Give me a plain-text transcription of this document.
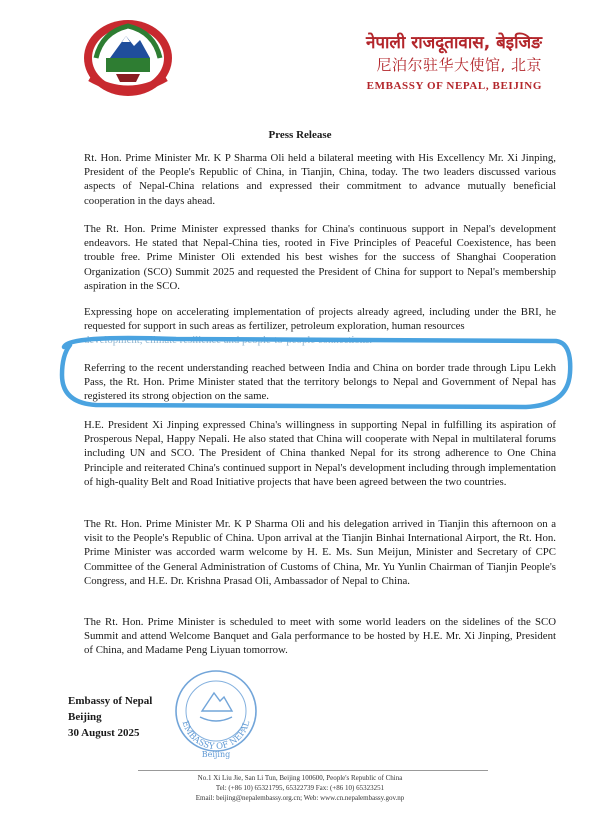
नेपाली राजदूतावास, बेइजिङ
尼泊尔驻华大使馆, 北京
EMBASSY OF NEPAL, BEIJING
Press Release
Rt. Hon. Prime Minister Mr. K P Sharma Oli held a bilateral meeting with His Excellency Mr. Xi Jinping, President of the People's Republic of China, in Tianjin, China, today. The two leaders discussed various aspects of Nepal-China relations and expressed their commitment to advance mutually beneficial cooperation in the days ahead.
The Rt. Hon. Prime Minister expressed thanks for China's continuous support in Nepal's development endeavors. He stated that Nepal-China ties, rooted in Five Principles of Peaceful Coexistence, has been trouble free. Prime Minister Oli extended his best wishes for the success of Shanghai Cooperation Organization (SCO) Summit 2025 and requested the President of China for support to Nepal's membership aspiration in the SCO.
Expressing hope on accelerating implementation of projects already agreed, including under the BRI, he requested for support in such areas as fertilizer, petroleum exploration, human resources
development, climate resilience and people-to-people connections.
Referring to the recent understanding reached between India and China on border trade through Lipu Lekh Pass, the Rt. Hon. Prime Minister stated that the territory belongs to Nepal and Government of Nepal has registered its strong objection on the same.
H.E. President Xi Jinping expressed China's willingness in supporting Nepal in fulfilling its aspiration of Prosperous Nepal, Happy Nepali. He also stated that China will cooperate with Nepal in multilateral forums including UN and SCO. The President of China thanked Nepal for its strong adherence to One China Principle and reiterated China's continued support in Nepal's development including through implementation of high-quality Belt and Road Initiative projects that have been agreed between the two countries.
The Rt. Hon. Prime Minister Mr. K P Sharma Oli and his delegation arrived in Tianjin this afternoon on a visit to the People's Republic of China. Upon arrival at the Tianjin Binhai International Airport, the Rt. Hon. Prime Minister was accorded warm welcome by H. E. Ms. Sun Meijun, Minister and Secretary of CPC Committee of the General Administration of Customs of China, Mr. Yu Yunlin Chairman of Tianjin People's Congress, and H.E. Dr. Krishna Prasad Oli, Ambassador of Nepal to China.
The Rt. Hon. Prime Minister is scheduled to meet with some world leaders on the sidelines of the SCO Summit and attend Welcome Banquet and Gala performance to be hosted by H.E. Mr. Xi Jinping, President of China, and Madame Peng Liyuan tomorrow.
Embassy of Nepal
Beijing
30 August 2025
EMBASSY OF NEPAL
Beijing
No.1 Xi Liu Jie, San Li Tun, Beijing 100600, People's Republic of China
Tel: (+86 10) 65321795, 65322739 Fax: (+86 10) 65323251
Email: beijing@nepalembassy.org.cn; Web: www.cn.nepalembassy.gov.np
